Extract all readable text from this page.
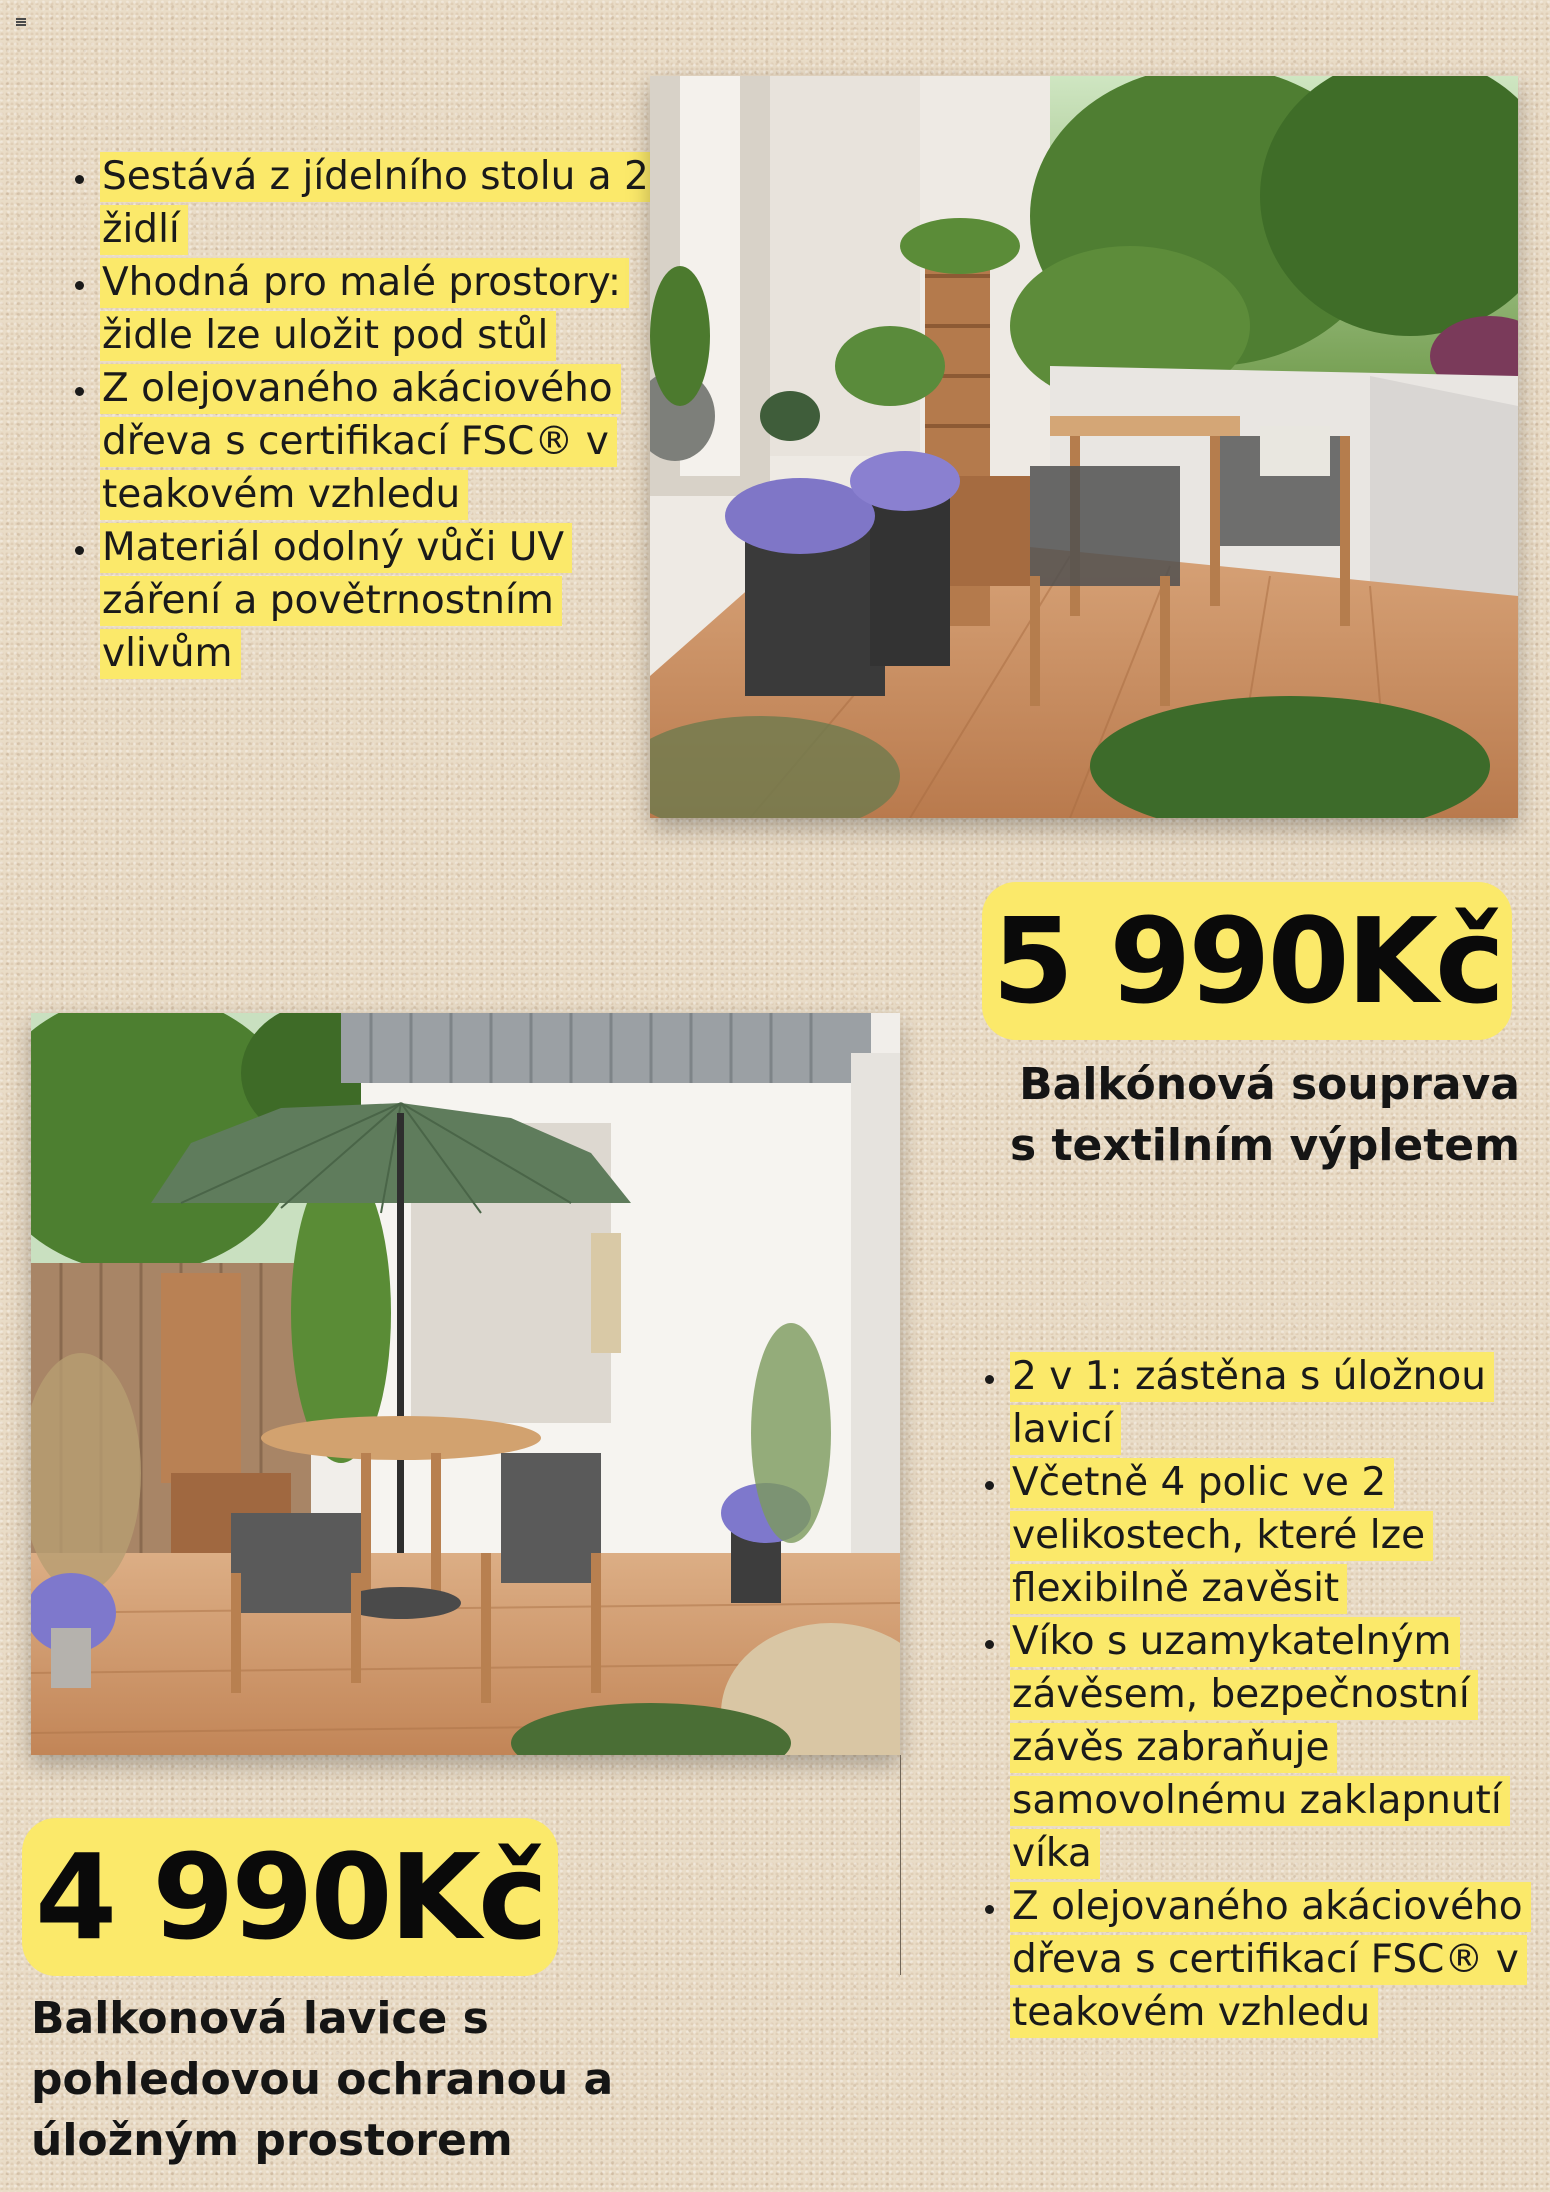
• Sestává z jídelního stolu a 2 židlí
• Vhodná pro malé prostory: židle lze uložit pod stůl
• Z olejovaného akáciového dřeva s certifikací FSC® v teakovém vzhledu
• Materiál odolný vůči UV záření a povětrnostním vlivům
5 990Kč
Balkónová souprava
s textilním výpletem
4 990Kč
Balkonová lavice s
pohledovou ochranou a
úložným prostorem
• 2 v 1: zástěna s úložnou lavicí
• Včetně 4 polic ve 2 velikostech, které lze flexibilně zavěsit
• Víko s uzamykatelným závěsem, bezpečnostní závěs zabraňuje samovolnému zaklapnutí víka
• Z olejovaného akáciového dřeva s certifikací FSC® v teakovém vzhledu
